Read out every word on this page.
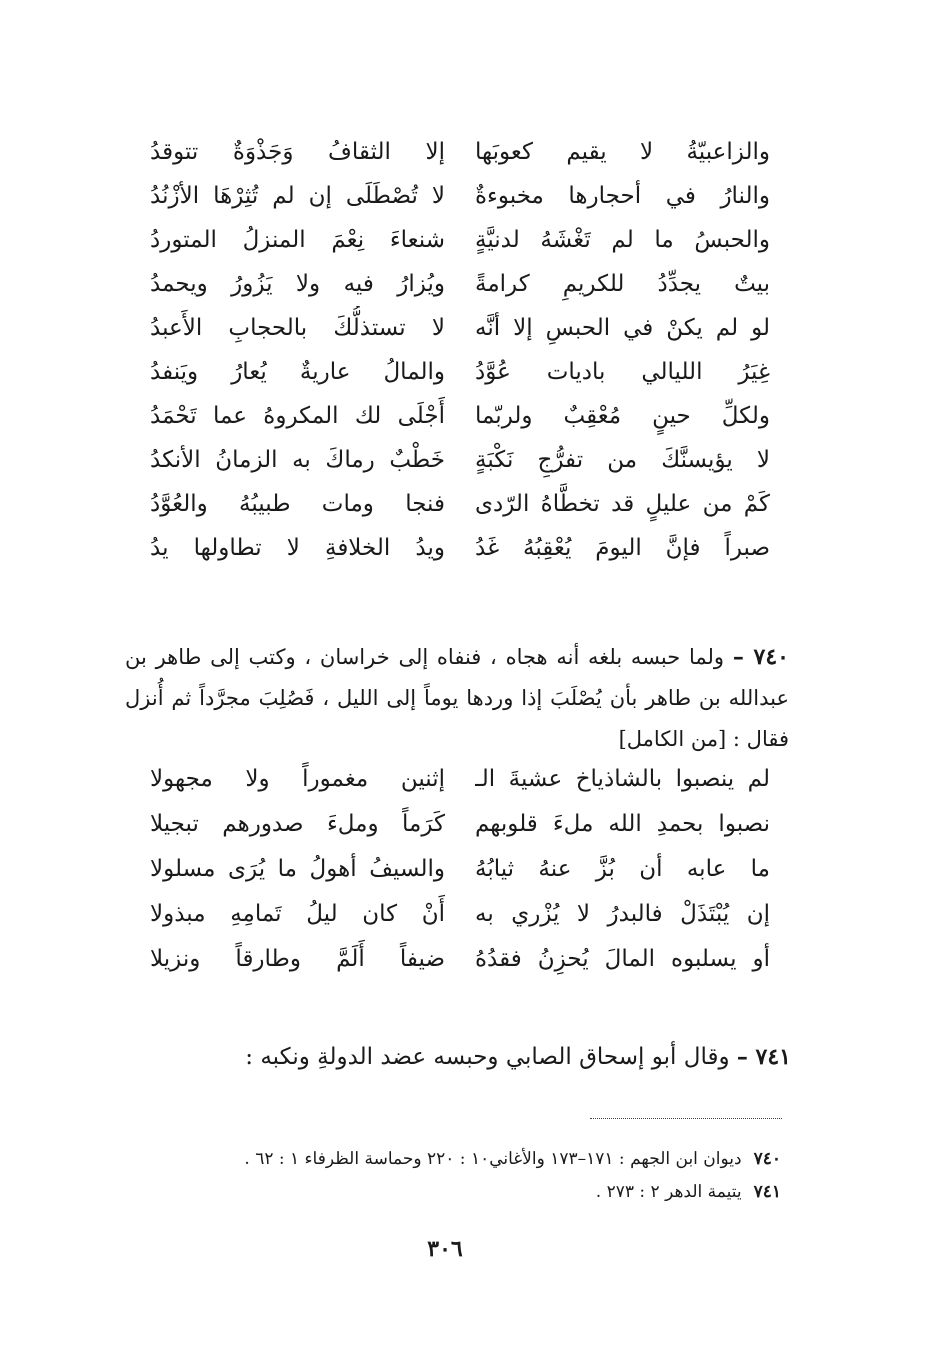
والزاعبيّةُ لا يقيم كعوبَها
إلا الثقافُ وَجَذْوَةٌ تتوقدُ
والنارُ في أحجارها مخبوءةٌ
لا تُصْطَلَى إن لم تُثِرْهَا الأزْنُدُ
والحبسُ ما لم تَغْشَهُ لدنيَّةٍ
شنعاءَ نِعْمَ المنزلُ المتوردُ
بيتٌ يجدِّدُ للكريمِ كرامةً
ويُزارُ فيه ولا يَزُورُ ويحمدُ
لو لم يكنْ في الحبسِ إلا أنَّه
لا تستذلُّكَ بالحجابِ الأَعبدُ
غِيَرُ الليالي باديات عُوَّدُ
والمالُ عاريةٌ يُعارُ ويَنفدُ
ولكلِّ حينٍ مُعْقِبٌ ولربّما
أَجْلَى لك المكروهُ عما تَحْمَدُ
لا يؤيسنَّكَ من تفرُّجِ نَكْبَةٍ
خَطْبٌ رماكَ به الزمانُ الأنكدُ
كَمْ من عليلٍ قد تخطَّاهُ الرّدى
فنجا ومات طبيبُهُ والعُوَّدُ
صبراً فإنَّ اليومَ يُعْقِبُهُ غَدُ
ويدُ الخلافةِ لا تطاولها يدُ

٧٤٠ – ولما حبسه بلغه أنه هجاه ، فنفاه إلى خراسان ، وكتب إلى طاهر بن عبدالله بن طاهر بأن يُصْلَبَ إذا وردها يوماً إلى الليل ، فَصُلِبَ مجرَّداً ثم أُنزل فقال : [من الكامل]

لم ينصبوا بالشاذياخ عشيةَ الـ
إثنين مغموراً ولا مجهولا
نصبوا بحمدِ الله ملءَ قلوبهم
كَرَماً وملءَ صدورهم تبجيلا
ما عابه أن بُزَّ عنهُ ثيابُهُ
والسيفُ أهولُ ما يُرَى مسلولا
إن يُبْتَذَلْ فالبدرُ لا يُزْري به
أَنْ كان ليلُ تَمامِهِ مبذولا
أو يسلبوه المالَ يُحزِنُ فقدُهُ
ضيفاً أَلَمَّ وطارقاً ونزيلا

٧٤١ – وقال أبو إسحاق الصابي وحبسه عضد الدولةِ ونكبه :

٧٤٠ديوان ابن الجهم : ١٧١–١٧٣ والأغاني١٠ : ٢٢٠ وحماسة الظرفاء ١ : ٦٢ .
٧٤١يتيمة الدهر ٢ : ٢٧٣ .
٣٠٦
